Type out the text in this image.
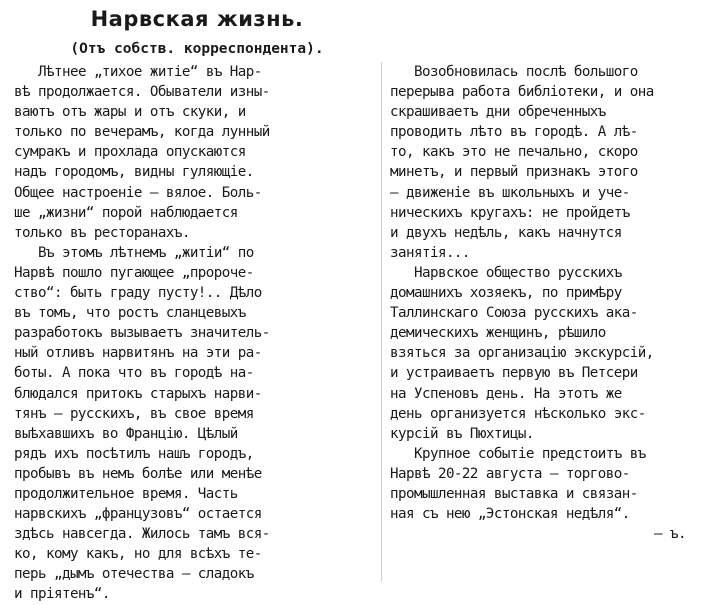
Нарвская жизнь.
(Отъ собств. корреспондента).
Лѣтнее „тихое житіе“ въ Нар-
вѣ продолжается. Обыватели изны-
ваютъ отъ жары и отъ скуки, и
только по вечерамъ, когда лунный
сумракъ и прохлада опускаются
надъ городомъ, видны гуляющіе.
Общее настроеніе — вялое. Боль-
ше „жизни“ порой наблюдается
только въ ресторанахъ.
Въ этомъ лѣтнемъ „житіи“ по
Нарвѣ пошло пугающее „пророче-
ство“: быть граду пусту!.. Дѣло
въ томъ, что ростъ сланцевыхъ
разработокъ вызываетъ значитель-
ный отливъ нарвитянъ на эти ра-
боты. А пока что въ городѣ на-
блюдался притокъ старыхъ нарви-
тянъ — русскихъ, въ свое время
выѣхавшихъ во Францію. Цѣлый
рядъ ихъ посѣтилъ нашъ городъ,
пробывъ въ немъ болѣе или менѣе
продолжительное время. Часть
нарвскихъ „французовъ“ остается
здѣсь навсегда. Жилось тамъ вся-
ко, кому какъ, но для всѣхъ те-
перь „дымъ отечества — сладокъ
и пріятенъ“.
Возобновилась послѣ большого
перерыва работа библіотеки, и она
скрашиваетъ дни обреченныхъ
проводить лѣто въ городѣ. А лѣ-
то, какъ это не печально, скоро
минетъ, и первый признакъ этого
— движеніе въ школьныхъ и уче-
ническихъ кругахъ: не пройдетъ
и двухъ недѣль, какъ начнутся
занятія...
Нарвское общество русскихъ
домашнихъ хозяекъ, по примѣру
Таллинскаго Союза русскихъ ака-
демическихъ женщинъ, рѣшило
взяться за организацію экскурсій,
и устраиваетъ первую въ Петсери
на Успеновъ день. На этотъ же
день организуется нѣсколько экс-
курсій въ Пюхтицы.
Крупное событіе предстоитъ въ
Нарвѣ 20-22 августа — торгово-
промышленная выставка и связан-
ная съ нею „Эстонская недѣля“.
— ъ.
